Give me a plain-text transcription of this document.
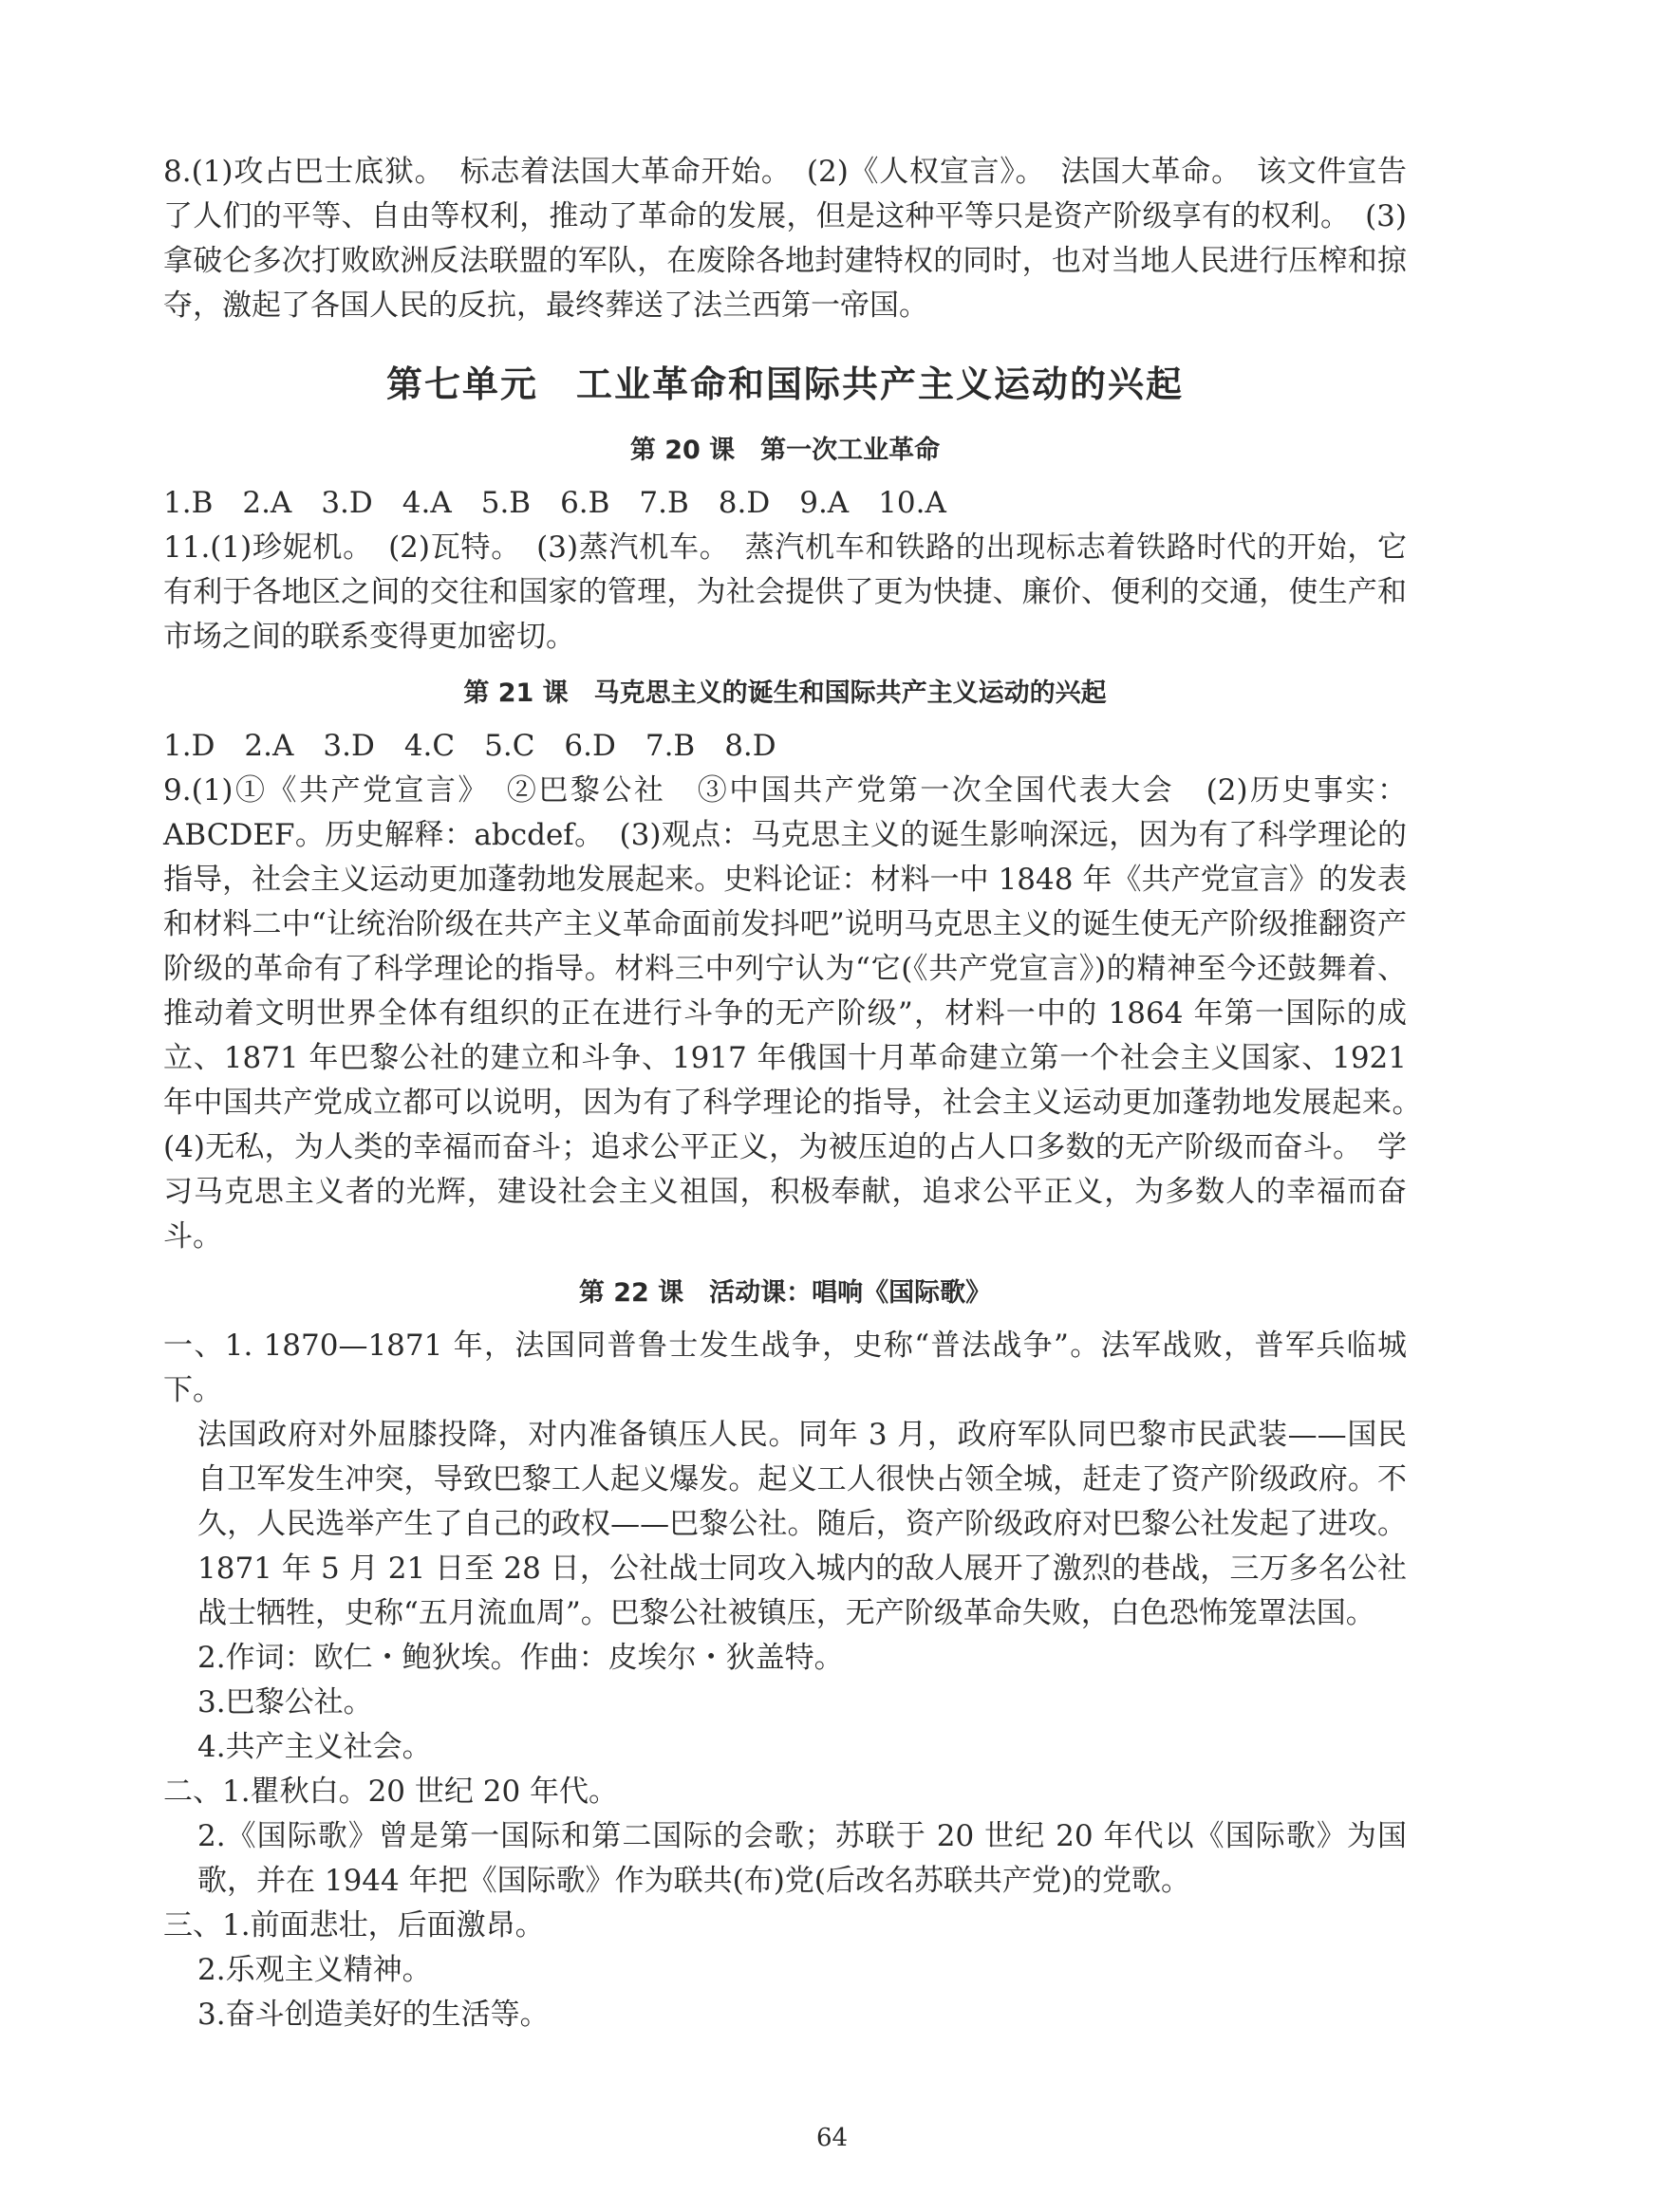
8.(1)攻占巴士底狱。　标志着法国大革命开始。　(2)《人权宣言》。　法国大革命。　该文件宣告了人们的平等、自由等权利，推动了革命的发展，但是这种平等只是资产阶级享有的权利。　(3)拿破仑多次打败欧洲反法联盟的军队，在废除各地封建特权的同时，也对当地人民进行压榨和掠夺，激起了各国人民的反抗，最终葬送了法兰西第一帝国。

第七单元　工业革命和国际共产主义运动的兴起
第 20 课　第一次工业革命

1.B　2.A　3.D　4.A　5.B　6.B　7.B　8.D　9.A　10.A

11.(1)珍妮机。　(2)瓦特。　(3)蒸汽机车。　蒸汽机车和铁路的出现标志着铁路时代的开始，它有利于各地区之间的交往和国家的管理，为社会提供了更为快捷、廉价、便利的交通，使生产和市场之间的联系变得更加密切。

第 21 课　马克思主义的诞生和国际共产主义运动的兴起

1.D　2.A　3.D　4.C　5.C　6.D　7.B　8.D

9.(1)①《共产党宣言》　②巴黎公社　③中国共产党第一次全国代表大会　(2)历史事实：ABCDEF。历史解释：abcdef。　(3)观点：马克思主义的诞生影响深远，因为有了科学理论的指导，社会主义运动更加蓬勃地发展起来。史料论证：材料一中 1848 年《共产党宣言》的发表和材料二中“让统治阶级在共产主义革命面前发抖吧”说明马克思主义的诞生使无产阶级推翻资产阶级的革命有了科学理论的指导。材料三中列宁认为“它(《共产党宣言》)的精神至今还鼓舞着、推动着文明世界全体有组织的正在进行斗争的无产阶级”，材料一中的 1864 年第一国际的成立、1871 年巴黎公社的建立和斗争、1917 年俄国十月革命建立第一个社会主义国家、1921 年中国共产党成立都可以说明，因为有了科学理论的指导，社会主义运动更加蓬勃地发展起来。　(4)无私，为人类的幸福而奋斗；追求公平正义，为被压迫的占人口多数的无产阶级而奋斗。　学习马克思主义者的光辉，建设社会主义祖国，积极奉献，追求公平正义，为多数人的幸福而奋斗。

第 22 课　活动课：唱响《国际歌》

一、1. 1870—1871 年，法国同普鲁士发生战争，史称“普法战争”。法军战败，普军兵临城下。

法国政府对外屈膝投降，对内准备镇压人民。同年 3 月，政府军队同巴黎市民武装——国民自卫军发生冲突，导致巴黎工人起义爆发。起义工人很快占领全城，赶走了资产阶级政府。不久，人民选举产生了自己的政权——巴黎公社。随后，资产阶级政府对巴黎公社发起了进攻。1871 年 5 月 21 日至 28 日，公社战士同攻入城内的敌人展开了激烈的巷战，三万多名公社战士牺牲，史称“五月流血周”。巴黎公社被镇压，无产阶级革命失败，白色恐怖笼罩法国。

2.作词：欧仁・鲍狄埃。作曲：皮埃尔・狄盖特。

3.巴黎公社。

4.共产主义社会。

二、1.瞿秋白。20 世纪 20 年代。

2.《国际歌》曾是第一国际和第二国际的会歌；苏联于 20 世纪 20 年代以《国际歌》为国歌，并在 1944 年把《国际歌》作为联共(布)党(后改名苏联共产党)的党歌。

三、1.前面悲壮，后面激昂。

2.乐观主义精神。

3.奋斗创造美好的生活等。

64
